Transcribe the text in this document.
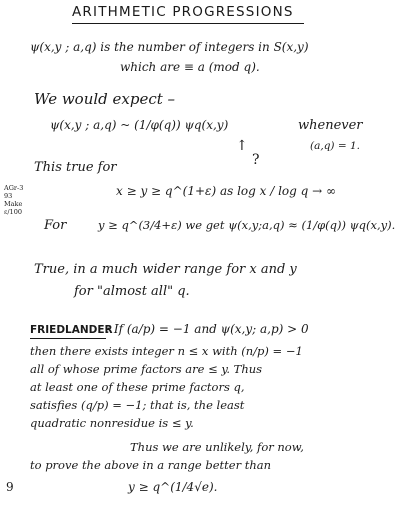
ARITHMETIC PROGRESSIONS
ψ(x,y ; a,q) is the number of integers in S(x,y)
which are ≡ a (mod q).
We would expect –
ψ(x,y ; a,q) ~ (1/φ(q)) ψq(x,y)	whenever
(a,q) = 1.
↑
?
This true for
x ≥ y ≥ q^(1+ε) as log x / log q → ∞
AGr-3
93
Make
ε/100
For	y ≥ q^(3/4+ε) we get ψ(x,y;a,q) ≈ (1/φ(q)) ψq(x,y).
True, in a much wider range for x and y
for "almost all" q.
FRIEDLANDER
: If (a/p) = −1 and ψ(x,y; a,p) > 0
then there exists integer n ≤ x with (n/p) = −1
all of whose prime factors are ≤ y. Thus
at least one of these prime factors q,
satisfies (q/p) = −1; that is, the least
quadratic nonresidue is ≤ y.
Thus we are unlikely, for now,
to prove the above in a range better than
y ≥ q^(1/4√e).
9
